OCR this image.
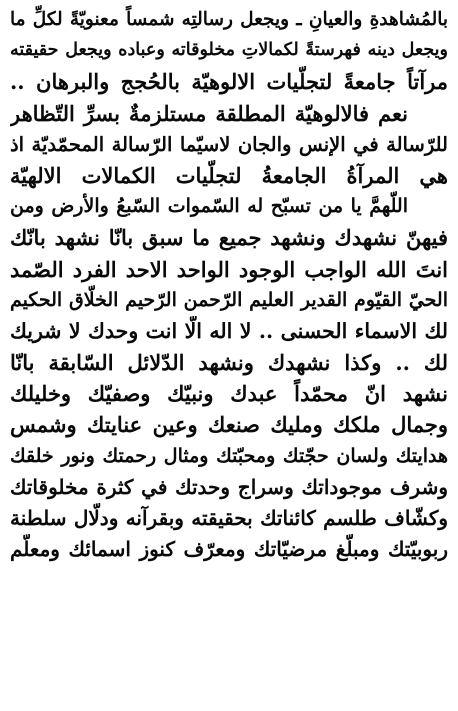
بالمُشاهدةِ والعيانِ ـ ويجعل رسالتِه شمساً معنويّةً لكلِّ ما
ويجعل دينه فهرستةً لكمالاتِ مخلوقاته وعباده ويجعل حقيقته
مرآتاً جامعةً لتجلّيات الالوهيّة بالحُجج والبرهان ..
نعم فالالوهيّة المطلقة مستلزمةٌ بسرِّ التّظاهر
للرّسالة في الإنس والجان لاسيّما الرّسالة المحمّديّة اذ
هي المرآةُ الجامعةُ لتجلّيات الكمالات الالهيّة
اللّهمَّ يا من تسبّح له السّموات السّبعُ والأرض ومن
فيهنّ نشهدك ونشهد جميع ما سبق بانّا نشهد بانّك
انتَ الله الواجب الوجود الواحد الاحد الفرد الصّمد
الحيّ القيّوم القدير العليم الرّحمن الرّحيم الخلّاق الحكيم
لك الاسماء الحسنى .. لا اله الّا انت وحدك لا شريك
لك .. وكذا نشهدك ونشهد الدّلائل السّابقة بانّا
نشهد انّ محمّداً عبدك ونبيّك وصفيّك وخليلك
وجمال ملكك ومليك صنعك وعين عنايتك وشمس
هدايتك ولسان حجّتك ومحبّتك ومثال رحمتك ونور خلقك
وشرف موجوداتك وسراج وحدتك في كثرة مخلوقاتك
وكشّاف طلسم كائناتك بحقيقته وبقرآنه ودلّال سلطنة
ربوبيّتك ومبلّغ مرضيّاتك ومعرّف كنوز اسمائك ومعلّم
